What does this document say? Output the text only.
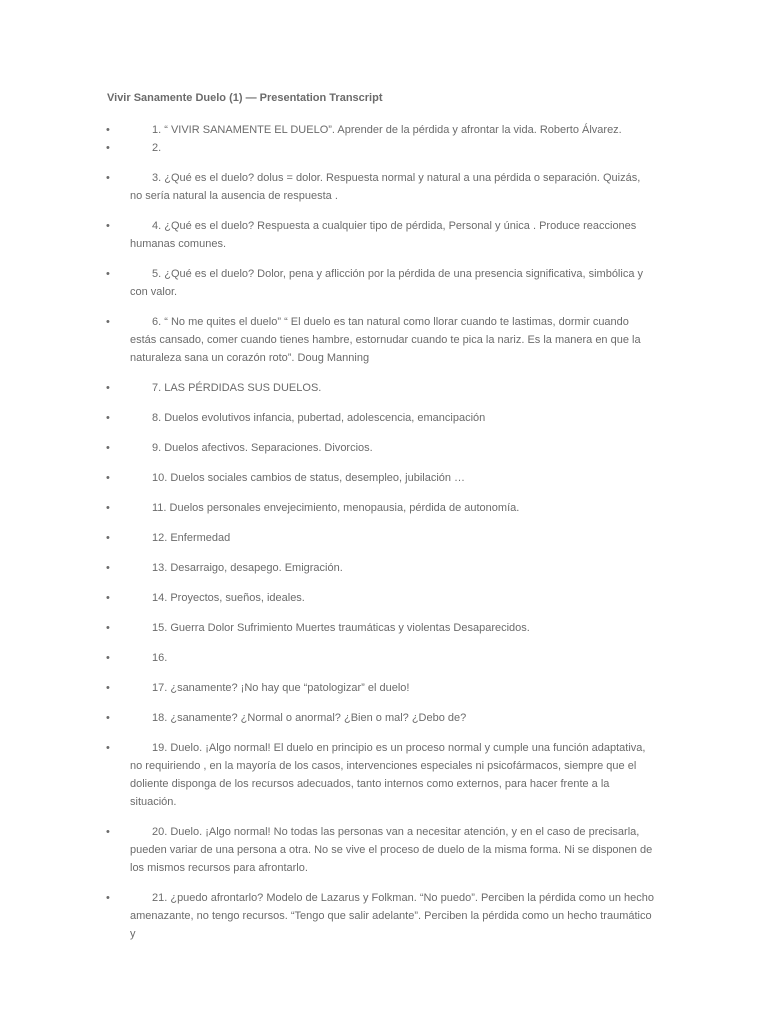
Vivir Sanamente Duelo (1) — Presentation Transcript
•	1. “ VIVIR SANAMENTE EL DUELO”. Aprender de la pérdida y afrontar la vida. Roberto Álvarez.
•	2.
•	3. ¿Qué es el duelo? dolus = dolor. Respuesta normal y natural a una pérdida o separación. Quizás, no sería natural la ausencia de respuesta .
•	4. ¿Qué es el duelo? Respuesta a cualquier tipo de pérdida, Personal y única . Produce reacciones humanas comunes.
•	5. ¿Qué es el duelo? Dolor, pena y aflicción por la pérdida de una presencia significativa, simbólica y con valor.
•	6. “ No me quites el duelo” “ El duelo es tan natural como llorar cuando te lastimas, dormir cuando estás cansado, comer cuando tienes hambre, estornudar cuando te pica la nariz. Es la manera en que la naturaleza sana un corazón roto”. Doug Manning
•	7. LAS PÉRDIDAS SUS DUELOS.
•	8. Duelos evolutivos infancia, pubertad, adolescencia, emancipación
•	9. Duelos afectivos. Separaciones. Divorcios.
•	10. Duelos sociales cambios de status, desempleo, jubilación …
•	11. Duelos personales envejecimiento, menopausia, pérdida de autonomía.
•	12. Enfermedad
•	13. Desarraigo, desapego. Emigración.
•	14. Proyectos, sueños, ideales.
•	15. Guerra Dolor Sufrimiento Muertes traumáticas y violentas Desaparecidos.
•	16.
•	17. ¿sanamente? ¡No hay que “patologizar” el duelo!
•	18. ¿sanamente? ¿Normal o anormal? ¿Bien o mal? ¿Debo de?
•	19. Duelo. ¡Algo normal! El duelo en principio es un proceso normal y cumple una función adaptativa, no requiriendo , en la mayoría de los casos, intervenciones especiales ni psicofármacos, siempre que el doliente disponga de los recursos adecuados, tanto internos como externos, para hacer frente a la situación.
•	20. Duelo. ¡Algo normal! No todas las personas van a necesitar atención, y en el caso de precisarla, pueden variar de una persona a otra. No se vive el proceso de duelo de la misma forma. Ni se disponen de los mismos recursos para afrontarlo.
•	21. ¿puedo afrontarlo? Modelo de Lazarus y Folkman. “No puedo”. Perciben la pérdida como un hecho amenazante, no tengo recursos. “Tengo que salir adelante”. Perciben la pérdida como un hecho traumático y
